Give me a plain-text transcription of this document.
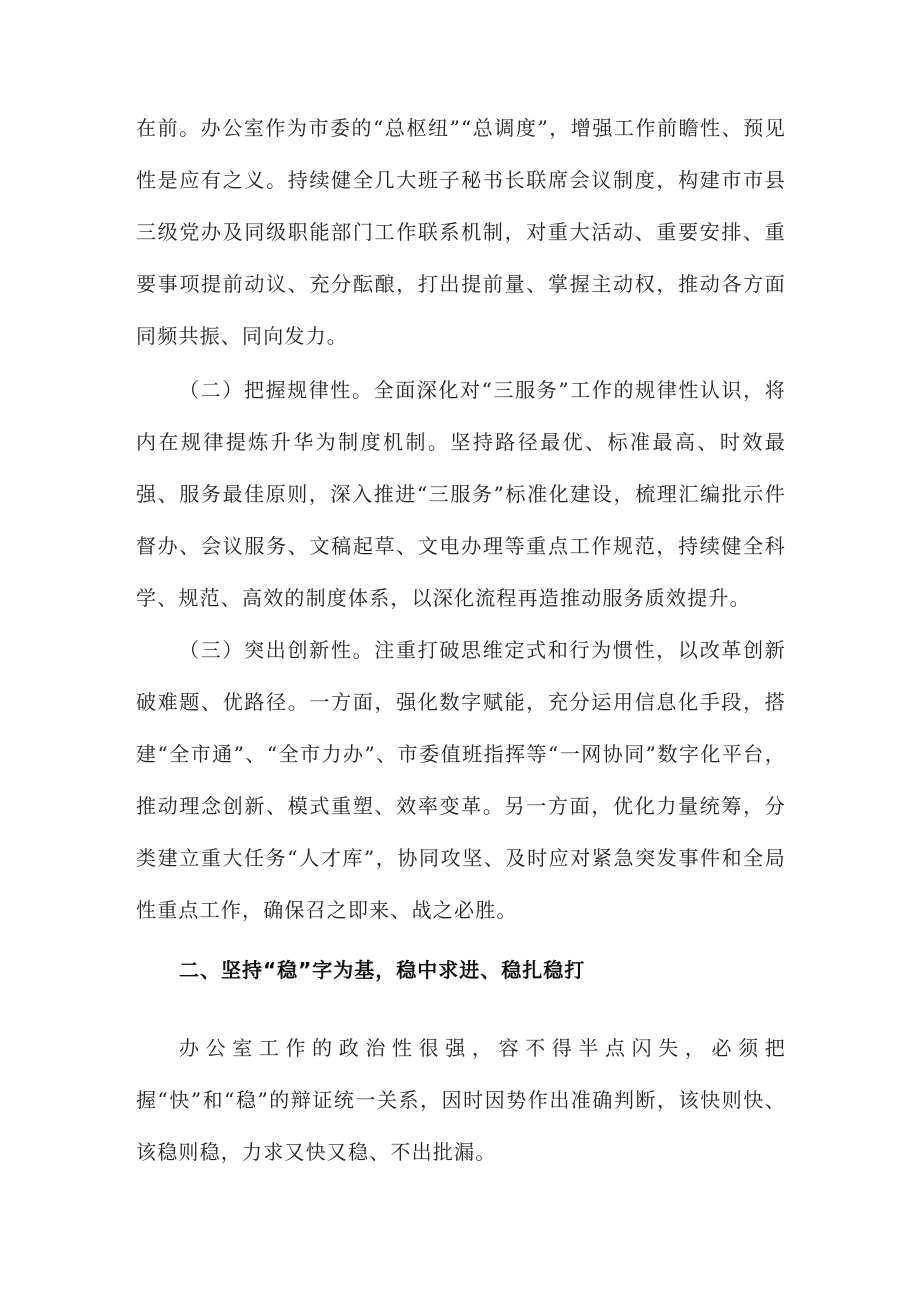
在前。办公室作为市委的“总枢纽”“总调度”，增强工作前瞻性、预见性是应有之义。持续健全几大班子秘书长联席会议制度，构建市市县三级党办及同级职能部门工作联系机制，对重大活动、重要安排、重要事项提前动议、充分酝酿，打出提前量、掌握主动权，推动各方面同频共振、同向发力。

（二）把握规律性。全面深化对“三服务”工作的规律性认识，将内在规律提炼升华为制度机制。坚持路径最优、标准最高、时效最强、服务最佳原则，深入推进“三服务”标准化建设，梳理汇编批示件督办、会议服务、文稿起草、文电办理等重点工作规范，持续健全科学、规范、高效的制度体系，以深化流程再造推动服务质效提升。

（三）突出创新性。注重打破思维定式和行为惯性，以改革创新破难题、优路径。一方面，强化数字赋能，充分运用信息化手段，搭建“全市通”、“全市力办”、市委值班指挥等“一网协同”数字化平台，推动理念创新、模式重塑、效率变革。另一方面，优化力量统筹，分类建立重大任务“人才库”，协同攻坚、及时应对紧急突发事件和全局性重点工作，确保召之即来、战之必胜。

二、坚持“稳”字为基，稳中求进、稳扎稳打

办公室工作的政治性很强，容不得半点闪失，必须把握“快”和“稳”的辩证统一关系，因时因势作出准确判断，该快则快、该稳则稳，力求又快又稳、不出批漏。
